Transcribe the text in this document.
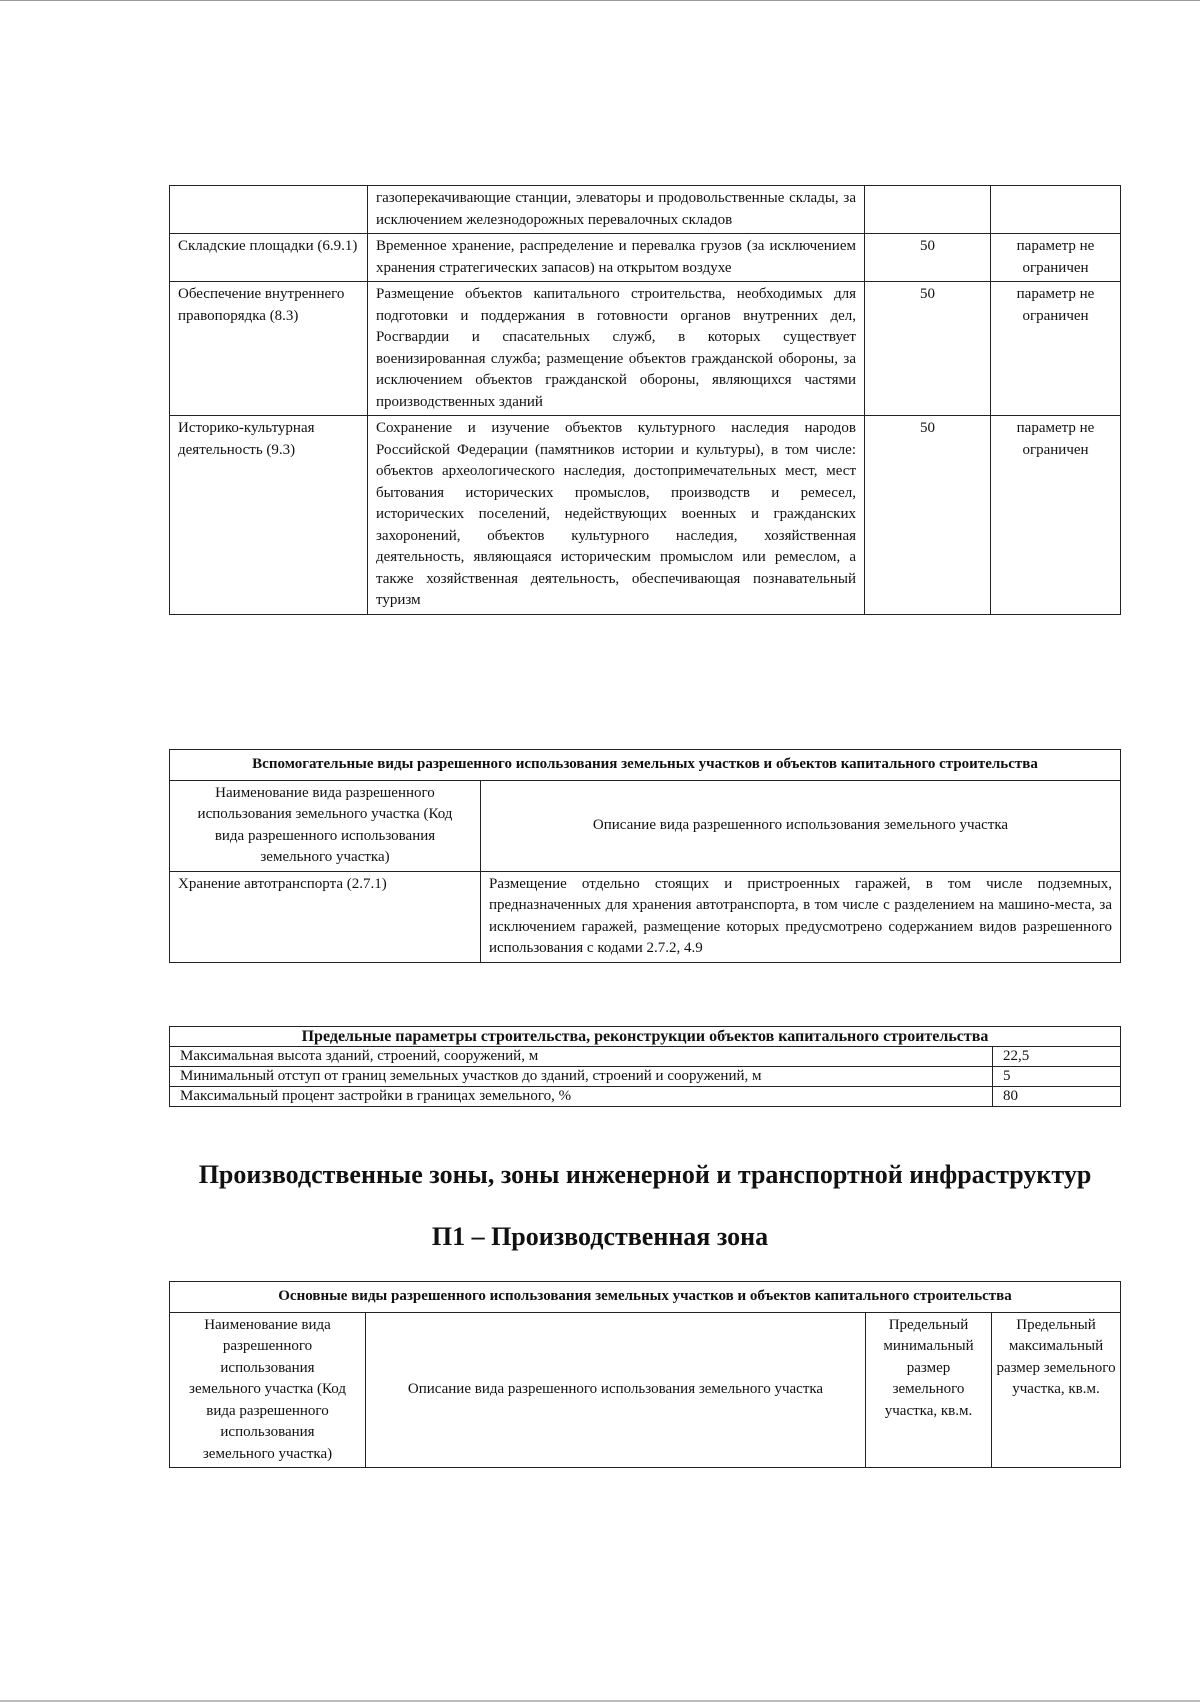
	газоперекачивающие станции, элеваторы и продовольственные склады, за исключением железнодорожных перевалочных складов		
Складские площадки (6.9.1)	Временное хранение, распределение и перевалка грузов (за исключением хранения стратегических запасов) на открытом воздухе	50	параметр не ограничен
Обеспечение внутреннего правопорядка (8.3)	Размещение объектов капитального строительства, необходимых для подготовки и поддержания в готовности органов внутренних дел, Росгвардии и спасательных служб, в которых существует военизированная служба; размещение объектов гражданской обороны, за исключением объектов гражданской обороны, являющихся частями производственных зданий	50	параметр не ограничен
Историко-культурная деятельность (9.3)	Сохранение и изучение объектов культурного наследия народов Российской Федерации (памятников истории и культуры), в том числе: объектов археологического наследия, достопримечательных мест, мест бытования исторических промыслов, производств и ремесел, исторических поселений, недействующих военных и гражданских захоронений, объектов культурного наследия, хозяйственная деятельность, являющаяся историческим промыслом или ремеслом, а также хозяйственная деятельность, обеспечивающая познавательный туризм	50	параметр не ограничен
Вспомогательные виды разрешенного использования земельных участков и объектов капитального строительства	
Наименование вида разрешенного использования земельного участка (Код вида разрешенного использования земельного участка)	Описание вида разрешенного использования земельного участка
Хранение автотранспорта (2.7.1)	Размещение отдельно стоящих и пристроенных гаражей, в том числе подземных, предназначенных для хранения автотранспорта, в том числе с разделением на машино-места, за исключением гаражей, размещение которых предусмотрено содержанием видов разрешенного использования с кодами 2.7.2, 4.9
Предельные параметры строительства, реконструкции объектов капитального строительства	
Максимальная высота зданий, строений, сооружений, м	22,5
Минимальный отступ от границ земельных участков до зданий, строений и сооружений, м	5
Максимальный процент застройки в границах земельного, %	80
Производственные зоны, зоны инженерной и транспортной инфраструктур
П1 – Производственная зона
Основные виды разрешенного использования земельных участков и объектов капитального строительства
Наименование вида разрешенного использования земельного участка (Код вида разрешенного использования земельного участка)	Описание вида разрешенного использования земельного участка	Предельный минимальный размер земельного участка, кв.м.	Предельный максимальный размер земельного участка, кв.м.
